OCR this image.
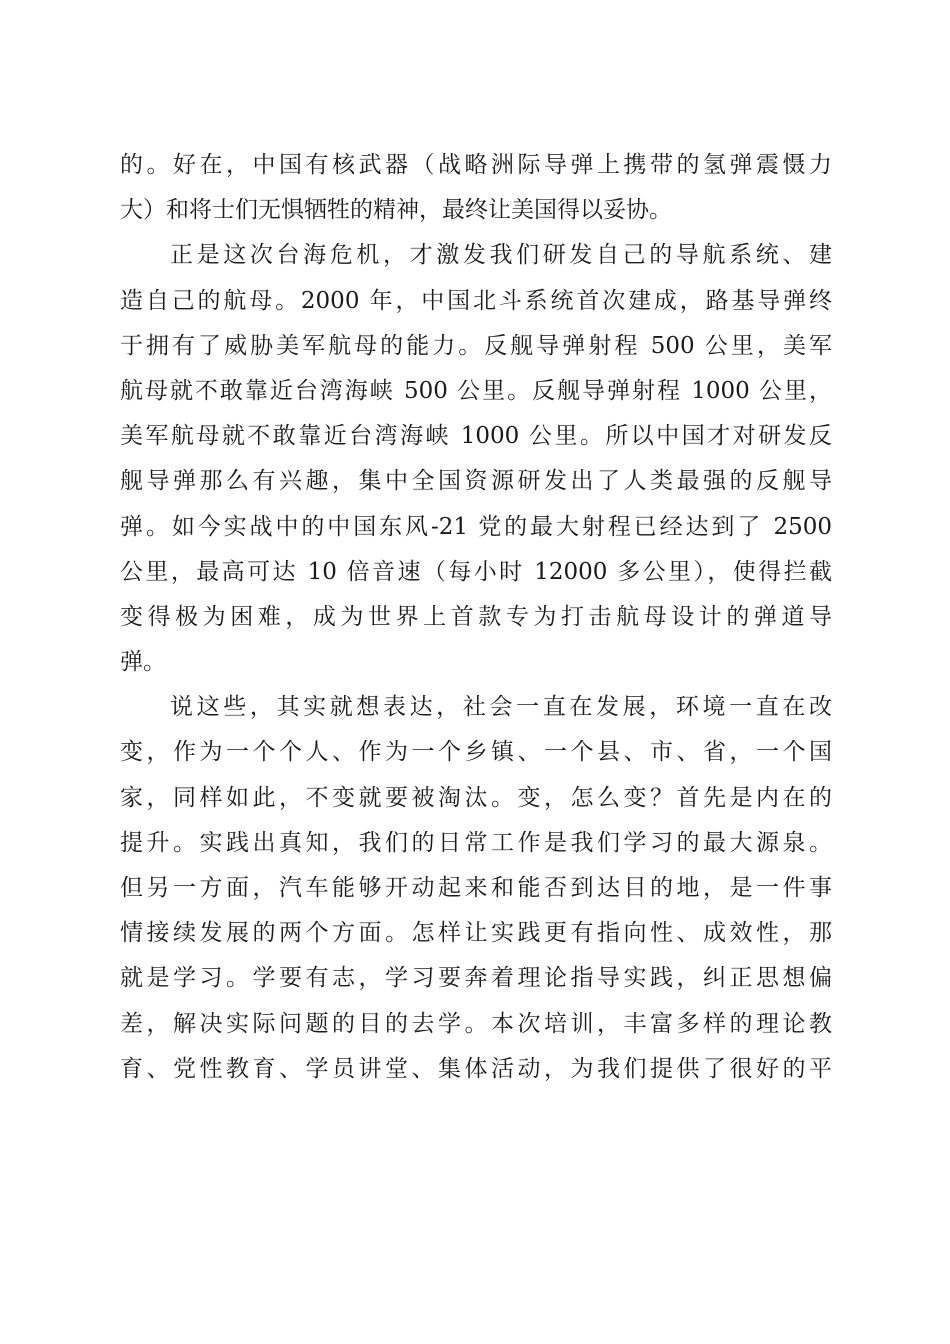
的。好在，中国有核武器（战略洲际导弹上携带的氢弹震慑力
大）和将士们无惧牺牲的精神，最终让美国得以妥协。
正是这次台海危机，才激发我们研发自己的导航系统、建
造自己的航母。2000 年，中国北斗系统首次建成，路基导弹终
于拥有了威胁美军航母的能力。反舰导弹射程 500 公里，美军
航母就不敢靠近台湾海峡 500 公里。反舰导弹射程 1000 公里，
美军航母就不敢靠近台湾海峡 1000 公里。所以中国才对研发反
舰导弹那么有兴趣，集中全国资源研发出了人类最强的反舰导
弹。如今实战中的中国东风-21 党的最大射程已经达到了 2500
公里，最高可达 10 倍音速（每小时 12000 多公里），使得拦截
变得极为困难，成为世界上首款专为打击航母设计的弹道导
弹。
说这些，其实就想表达，社会一直在发展，环境一直在改
变，作为一个个人、作为一个乡镇、一个县、市、省，一个国
家，同样如此，不变就要被淘汰。变，怎么变？首先是内在的
提升。实践出真知，我们的日常工作是我们学习的最大源泉。
但另一方面，汽车能够开动起来和能否到达目的地，是一件事
情接续发展的两个方面。怎样让实践更有指向性、成效性，那
就是学习。学要有志，学习要奔着理论指导实践，纠正思想偏
差，解决实际问题的目的去学。本次培训，丰富多样的理论教
育、党性教育、学员讲堂、集体活动，为我们提供了很好的平
